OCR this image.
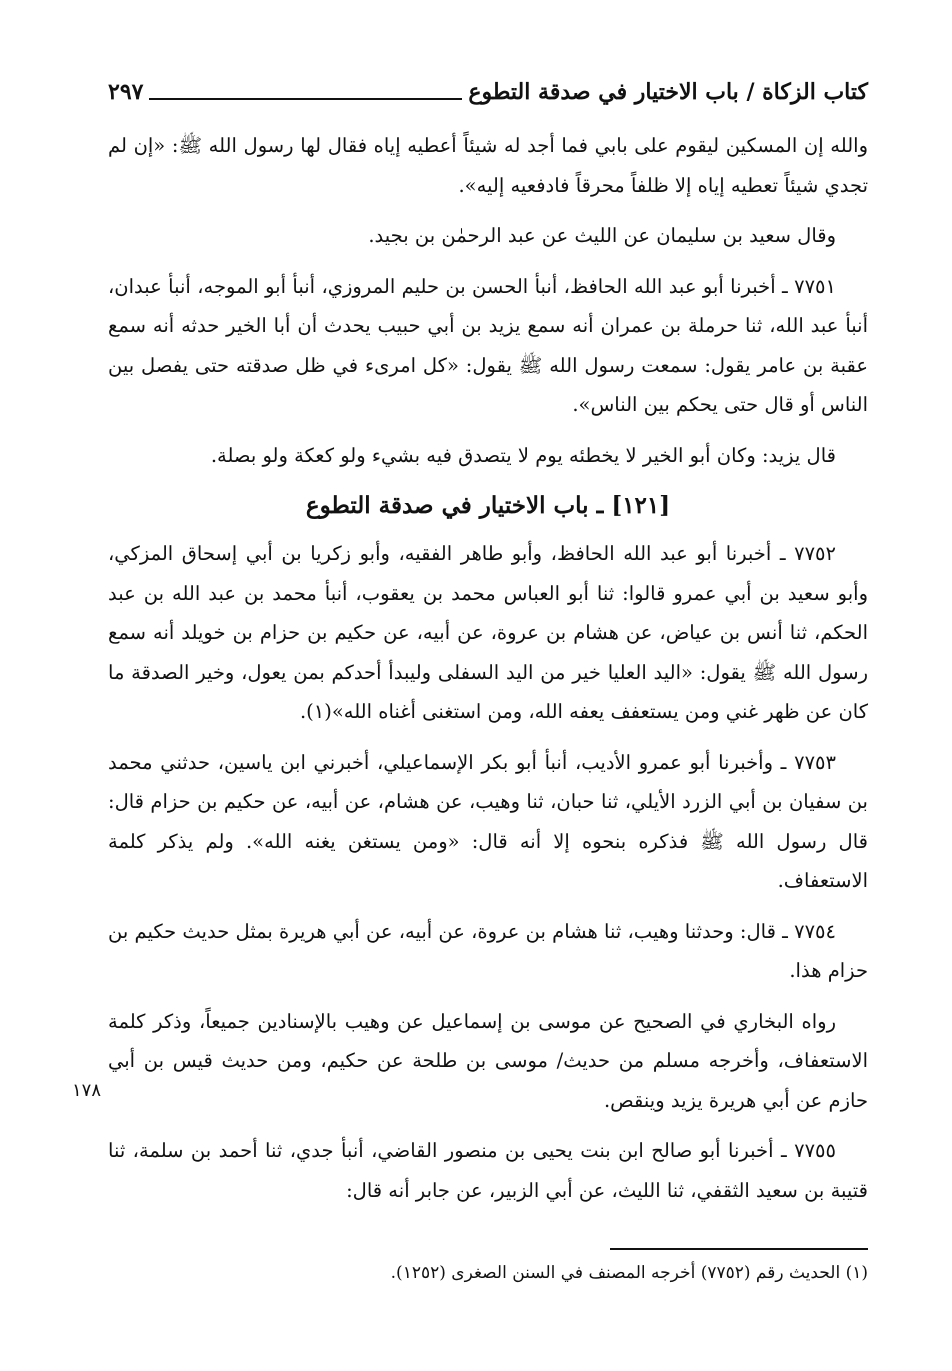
كتاب الزكاة / باب الاختيار في صدقة التطوع
٢٩٧

والله إن المسكين ليقوم على بابي فما أجد له شيئاً أعطيه إياه فقال لها رسول الله ﷺ: «إن لم تجدي شيئاً تعطيه إياه إلا ظلفاً محرقاً فادفعيه إليه».

وقال سعيد بن سليمان عن الليث عن عبد الرحمٰن بن بجيد.

٧٧٥١ ـ أخبرنا أبو عبد الله الحافظ، أنبأ الحسن بن حليم المروزي، أنبأ أبو الموجه، أنبأ عبدان، أنبأ عبد الله، ثنا حرملة بن عمران أنه سمع يزيد بن أبي حبيب يحدث أن أبا الخير حدثه أنه سمع عقبة بن عامر يقول: سمعت رسول الله ﷺ يقول: «كل امرىء في ظل صدقته حتى يفصل بين الناس أو قال حتى يحكم بين الناس».

قال يزيد: وكان أبو الخير لا يخطئه يوم لا يتصدق فيه بشيء ولو كعكة ولو بصلة.

[١٢١] ـ باب الاختيار في صدقة التطوع

٧٧٥٢ ـ أخبرنا أبو عبد الله الحافظ، وأبو طاهر الفقيه، وأبو زكريا بن أبي إسحاق المزكي، وأبو سعيد بن أبي عمرو قالوا: ثنا أبو العباس محمد بن يعقوب، أنبأ محمد بن عبد الله بن عبد الحكم، ثنا أنس بن عياض، عن هشام بن عروة، عن أبيه، عن حكيم بن حزام بن خويلد أنه سمع رسول الله ﷺ يقول: «اليد العليا خير من اليد السفلى وليبدأ أحدكم بمن يعول، وخير الصدقة ما كان عن ظهر غني ومن يستعفف يعفه الله، ومن استغنى أغناه الله»(١).

٧٧٥٣ ـ وأخبرنا أبو عمرو الأديب، أنبأ أبو بكر الإسماعيلي، أخبرني ابن ياسين، حدثني محمد بن سفيان بن أبي الزرد الأيلي، ثنا حبان، ثنا وهيب، عن هشام، عن أبيه، عن حكيم بن حزام قال: قال رسول الله ﷺ فذكره بنحوه إلا أنه قال: «ومن يستغن يغنه الله». ولم يذكر كلمة الاستعفاف.

٧٧٥٤ ـ قال: وحدثنا وهيب، ثنا هشام بن عروة، عن أبيه، عن أبي هريرة بمثل حديث حكيم بن حزام هذا.

رواه البخاري في الصحيح عن موسى بن إسماعيل عن وهيب بالإسنادين جميعاً، وذكر كلمة الاستعفاف، وأخرجه مسلم من حديث/ موسى بن طلحة عن حكيم، ومن حديث قيس بن أبي حازم عن أبي هريرة يزيد وينقص.

٧٧٥٥ ـ أخبرنا أبو صالح ابن بنت يحيى بن منصور القاضي، أنبأ جدي، ثنا أحمد بن سلمة، ثنا قتيبة بن سعيد الثقفي، ثنا الليث، عن أبي الزبير، عن جابر أنه قال:

١٧٨
(١) الحديث رقم (٧٧٥٢) أخرجه المصنف في السنن الصغرى (١٢٥٢).
